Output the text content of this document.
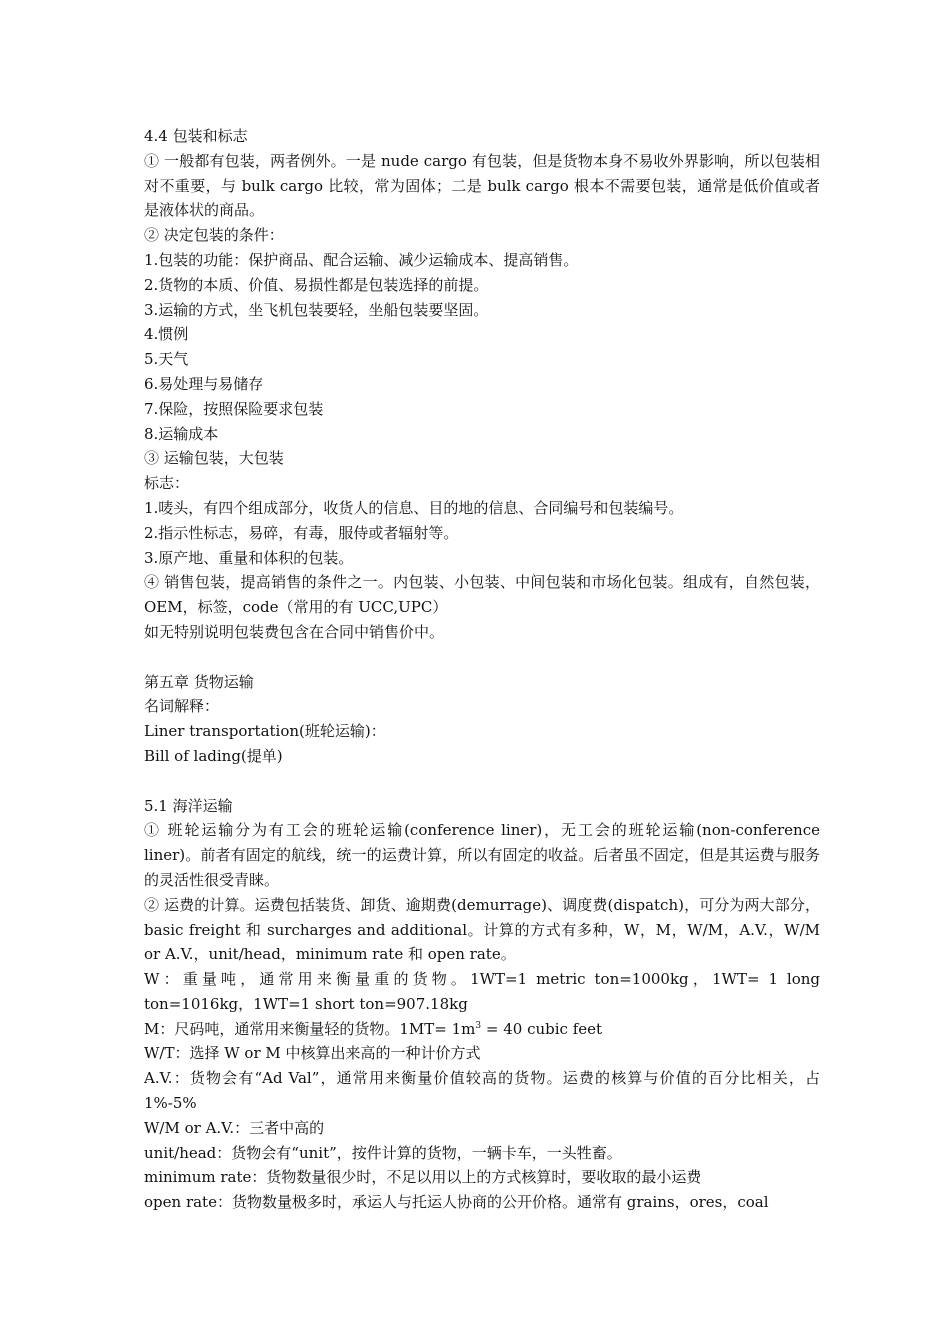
4.4 包装和标志
① 一般都有包装，两者例外。一是 nude cargo 有包装，但是货物本身不易收外界影响，所以包装相对不重要，与 bulk cargo 比较，常为固体；二是 bulk cargo 根本不需要包装，通常是低价值或者是液体状的商品。
② 决定包装的条件：
1.包装的功能：保护商品、配合运输、减少运输成本、提高销售。
2.货物的本质、价值、易损性都是包装选择的前提。
3.运输的方式，坐飞机包装要轻，坐船包装要坚固。
4.惯例
5.天气
6.易处理与易储存
7.保险，按照保险要求包装
8.运输成本
③ 运输包装，大包装
标志：
1.唛头，有四个组成部分，收货人的信息、目的地的信息、合同编号和包装编号。
2.指示性标志，易碎，有毒，服侍或者辐射等。
3.原产地、重量和体积的包装。
④ 销售包装，提高销售的条件之一。内包装、小包装、中间包装和市场化包装。组成有，自然包装，OEM，标签，code（常用的有 UCC,UPC）
如无特别说明包装费包含在合同中销售价中。
第五章 货物运输
名词解释：
Liner transportation(班轮运输)：
Bill of lading(提单)
5.1 海洋运输
① 班轮运输分为有工会的班轮运输(conference liner)，无工会的班轮运输(non-conference liner)。前者有固定的航线，统一的运费计算，所以有固定的收益。后者虽不固定，但是其运费与服务的灵活性很受青睐。
② 运费的计算。运费包括装货、卸货、逾期费(demurrage)、调度费(dispatch)，可分为两大部分，basic freight 和 surcharges and additional。计算的方式有多种，W，M，W/M，A.V.，W/M or A.V.，unit/head，minimum rate 和 open rate。
W：重量吨，通常用来衡量重的货物。1WT=1 metric ton=1000kg，1WT= 1 long ton=1016kg，1WT=1 short ton=907.18kg
M：尺码吨，通常用来衡量轻的货物。$1MT= 1m^3 = 40$ cubic feet
W/T：选择 W or M 中核算出来高的一种计价方式
A.V.：货物会有“Ad Val”，通常用来衡量价值较高的货物。运费的核算与价值的百分比相关，占 1%-5%
W/M or A.V.：三者中高的
unit/head：货物会有“unit”，按件计算的货物，一辆卡车，一头牲畜。
minimum rate：货物数量很少时，不足以用以上的方式核算时，要收取的最小运费
open rate：货物数量极多时，承运人与托运人协商的公开价格。通常有 grains，ores，coal
